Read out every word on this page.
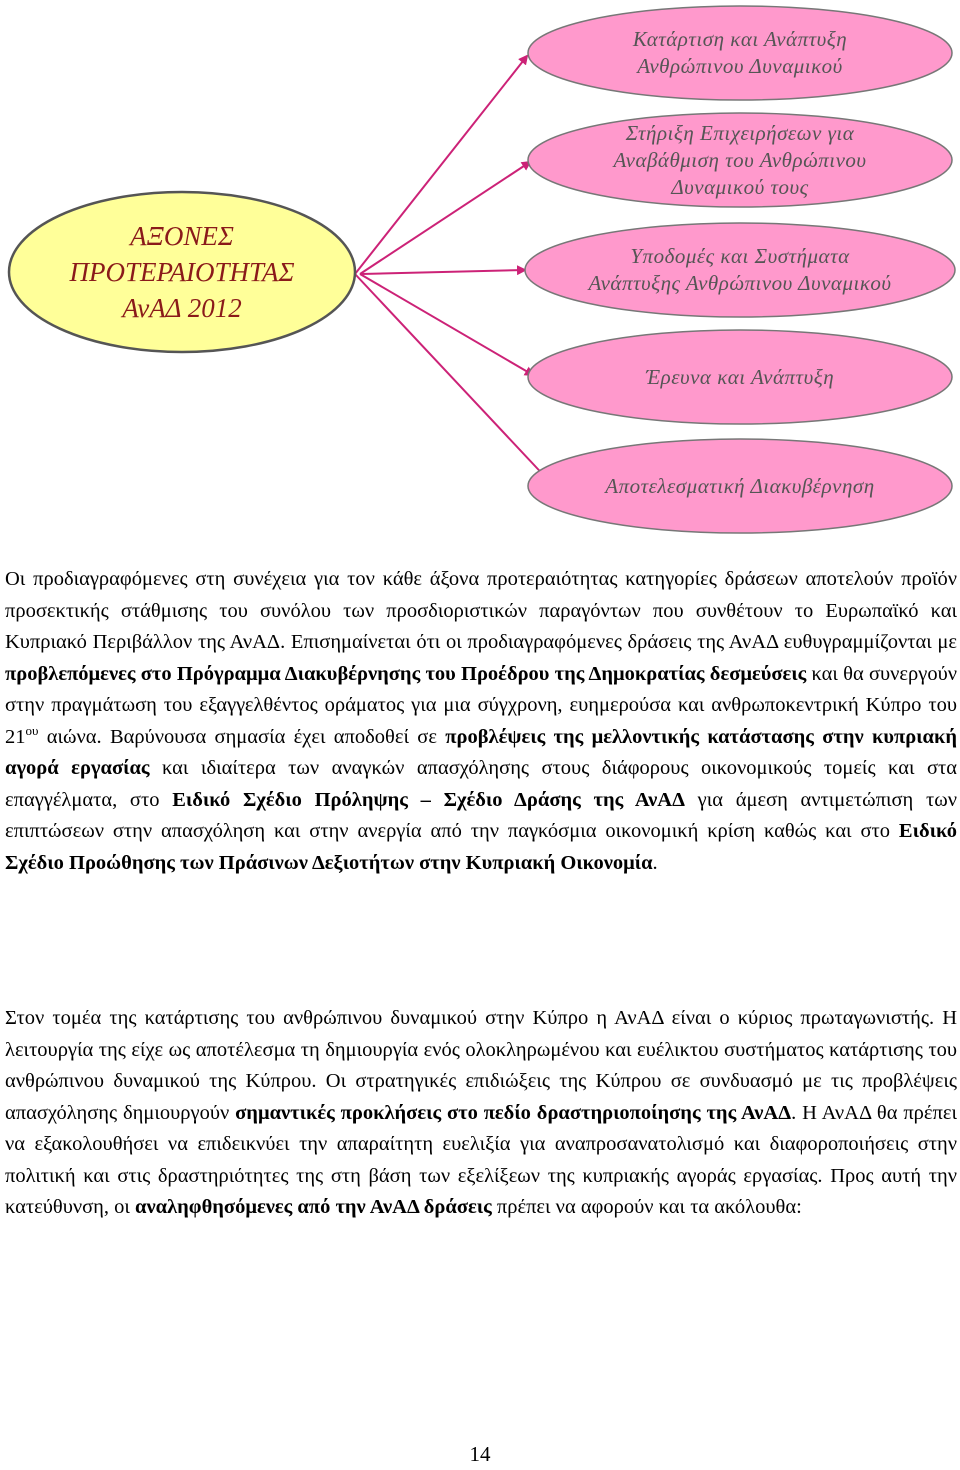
ΑΞΟΝΕΣ
ΠΡΟΤΕΡΑΙΟΤΗΤΑΣ
ΑνΑΔ 2012
Κατάρτιση και Ανάπτυξη
Ανθρώπινου Δυναμικού
Στήριξη Επιχειρήσεων για
Αναβάθμιση του Ανθρώπινου
Δυναμικού τους
Υποδομές και Συστήματα
Ανάπτυξης Ανθρώπινου Δυναμικού
Έρευνα και Ανάπτυξη
Αποτελεσματική Διακυβέρνηση

Οι προδιαγραφόμενες στη συνέχεια για τον κάθε άξονα προτεραιότητας κατηγορίες δράσεων αποτελούν προϊόν προσεκτικής στάθμισης του συνόλου των προσδιοριστικών παραγόντων που συνθέτουν το Ευρωπαϊκό και Κυπριακό Περιβάλλον της ΑνΑΔ. Επισημαίνεται ότι οι προδιαγραφόμενες δράσεις της ΑνΑΔ ευθυγραμμίζονται με προβλεπόμενες στο Πρόγραμμα Διακυβέρνησης του Προέδρου της Δημοκρατίας δεσμεύσεις και θα συνεργούν στην πραγμάτωση του εξαγγελθέντος οράματος για μια σύγχρονη, ευημερούσα και ανθρωποκεντρική Κύπρο του $21^{o\upsilon}$ αιώνα. Βαρύνουσα σημασία έχει αποδοθεί σε προβλέψεις της μελλοντικής κατάστασης στην κυπριακή αγορά εργασίας και ιδιαίτερα των αναγκών απασχόλησης στους διάφορους οικονομικούς τομείς και στα επαγγέλματα, στο Ειδικό Σχέδιο Πρόληψης – Σχέδιο Δράσης της ΑνΑΔ για άμεση αντιμετώπιση των επιπτώσεων στην απασχόληση και στην ανεργία από την παγκόσμια οικονομική κρίση καθώς και στο Ειδικό Σχέδιο Προώθησης των Πράσινων Δεξιοτήτων στην Κυπριακή Οικονομία.

Στον τομέα της κατάρτισης του ανθρώπινου δυναμικού στην Κύπρο η ΑνΑΔ είναι ο κύριος πρωταγωνιστής. Η λειτουργία της είχε ως αποτέλεσμα τη δημιουργία ενός ολοκληρωμένου και ευέλικτου συστήματος κατάρτισης του ανθρώπινου δυναμικού της Κύπρου. Οι στρατηγικές επιδιώξεις της Κύπρου σε συνδυασμό με τις προβλέψεις απασχόλησης δημιουργούν σημαντικές προκλήσεις στο πεδίο δραστηριοποίησης της ΑνΑΔ. Η ΑνΑΔ θα πρέπει να εξακολουθήσει να επιδεικνύει την απαραίτητη ευελιξία για αναπροσανατολισμό και διαφοροποιήσεις στην πολιτική και στις δραστηριότητες της στη βάση των εξελίξεων της κυπριακής αγοράς εργασίας. Προς αυτή την κατεύθυνση, οι αναληφθησόμενες από την ΑνΑΔ δράσεις πρέπει να αφορούν και τα ακόλουθα:

14
